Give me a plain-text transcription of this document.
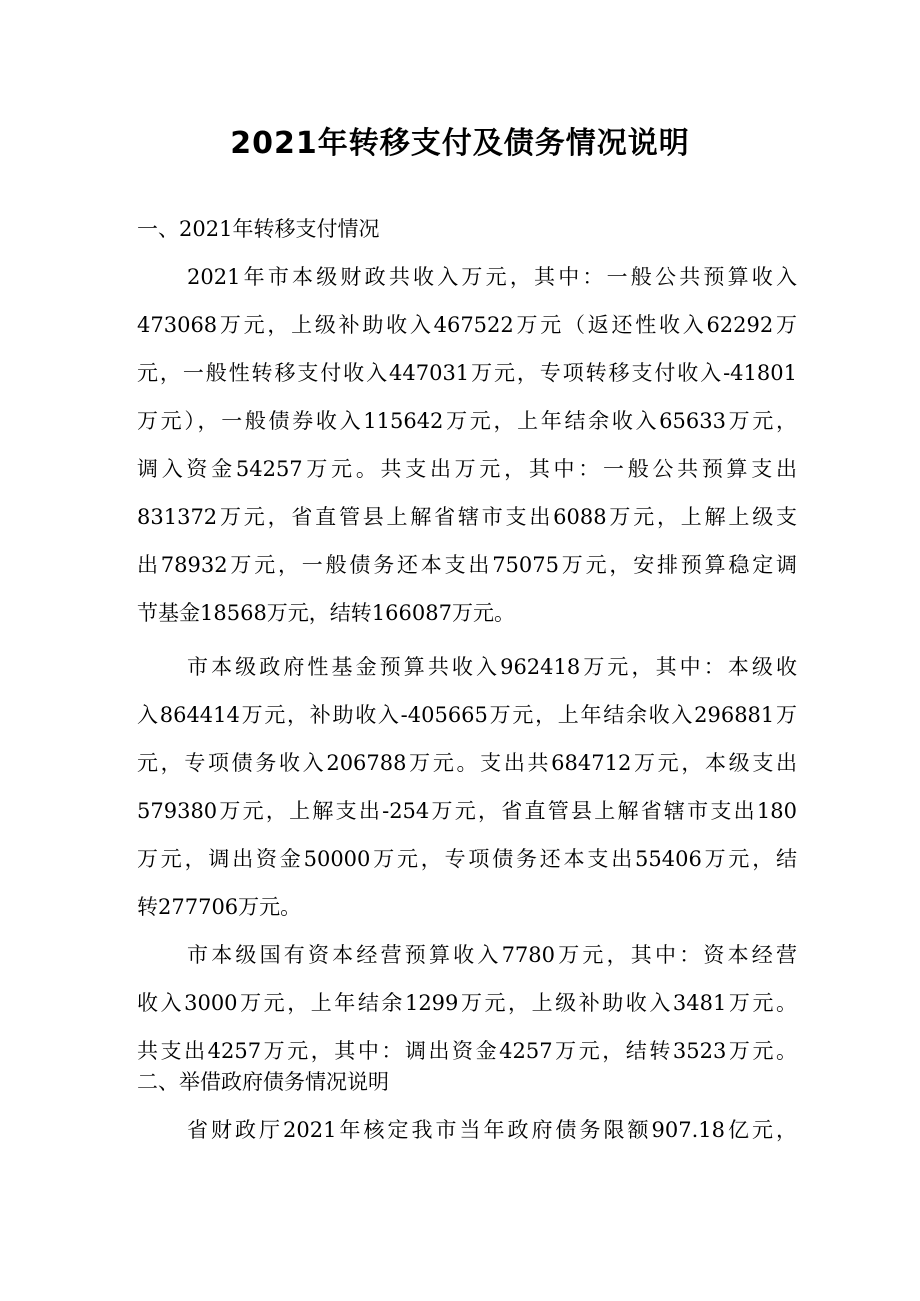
2021年转移支付及债务情况说明
一、2021年转移支付情况
2021年市本级财政共收入万元，其中：一般公共预算收入
473068万元，上级补助收入467522万元（返还性收入62292万
元，一般性转移支付收入447031万元，专项转移支付收入-41801
万元），一般债券收入115642万元，上年结余收入65633万元，
调入资金54257万元。共支出万元，其中：一般公共预算支出
831372万元，省直管县上解省辖市支出6088万元，上解上级支
出78932万元，一般债务还本支出75075万元，安排预算稳定调
节基金18568万元，结转166087万元。
市本级政府性基金预算共收入962418万元，其中：本级收
入864414万元，补助收入-405665万元，上年结余收入296881万
元，专项债务收入206788万元。支出共684712万元，本级支出
579380万元，上解支出-254万元，省直管县上解省辖市支出180
万元，调出资金50000万元，专项债务还本支出55406万元，结
转277706万元。
市本级国有资本经营预算收入7780万元，其中：资本经营
收入3000万元，上年结余1299万元，上级补助收入3481万元。
共支出4257万元，其中：调出资金4257万元，结转3523万元。
二、举借政府债务情况说明
省财政厅2021年核定我市当年政府债务限额907.18亿元，
